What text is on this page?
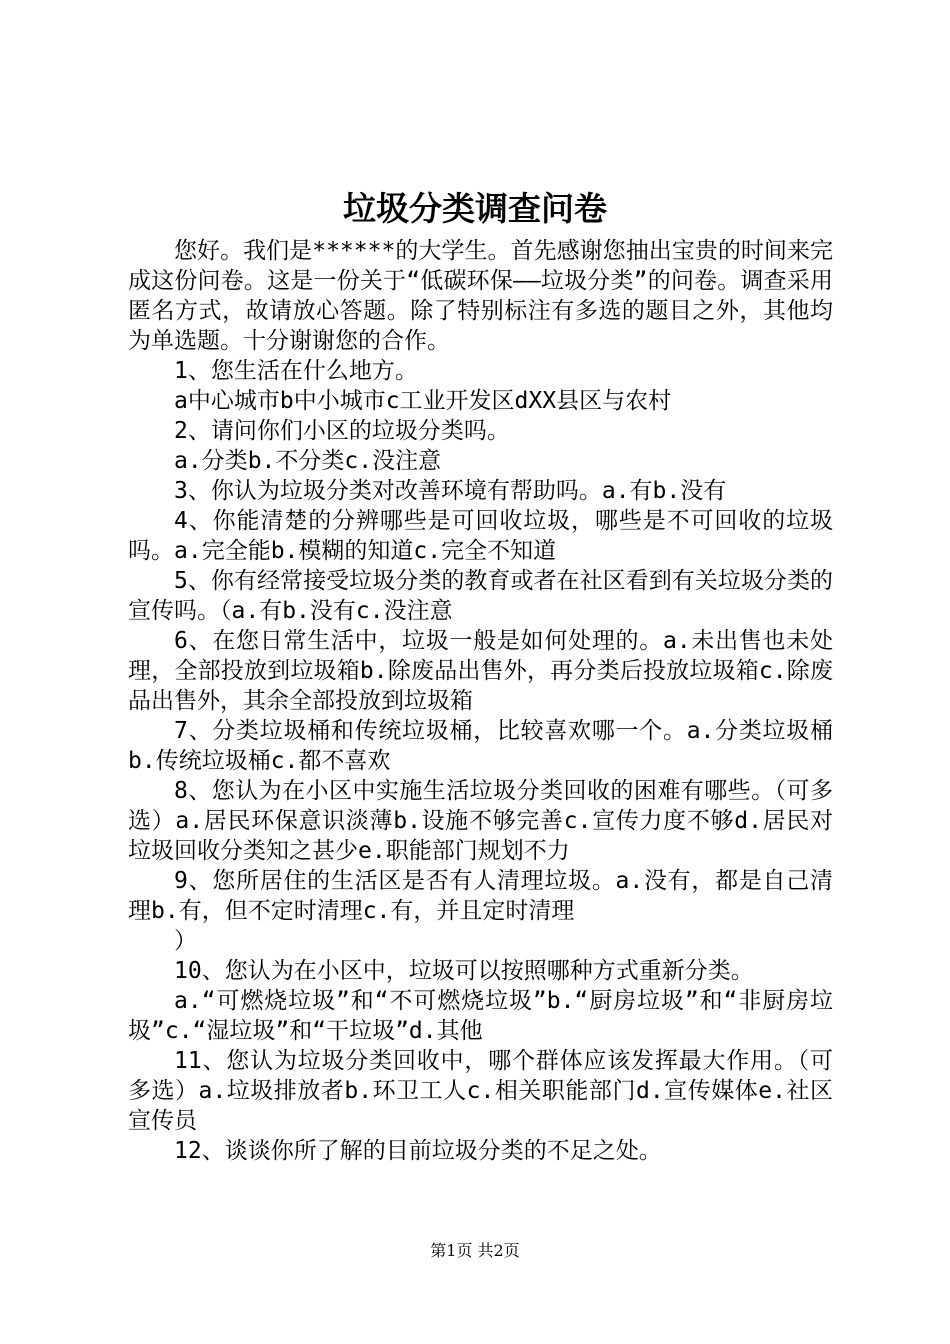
垃圾分类调查问卷

您好。我们是******的大学生。首先感谢您抽出宝贵的时间来完成这份问卷。这是一份关于“低碳环保——垃圾分类”的问卷。调查采用匿名方式，故请放心答题。除了特别标注有多选的题目之外，其他均为单选题。十分谢谢您的合作。

1、您生活在什么地方。

a中心城市b中小城市c工业开发区dXX县区与农村

2、请问你们小区的垃圾分类吗。

a.分类b.不分类c.没注意

3、你认为垃圾分类对改善环境有帮助吗。a.有b.没有

4、你能清楚的分辨哪些是可回收垃圾，哪些是不可回收的垃圾吗。a.完全能b.模糊的知道c.完全不知道

5、你有经常接受垃圾分类的教育或者在社区看到有关垃圾分类的宣传吗。（a.有b.没有c.没注意

6、在您日常生活中，垃圾一般是如何处理的。a.未出售也未处理，全部投放到垃圾箱b.除废品出售外，再分类后投放垃圾箱c.除废品出售外，其余全部投放到垃圾箱

7、分类垃圾桶和传统垃圾桶，比较喜欢哪一个。a.分类垃圾桶b.传统垃圾桶c.都不喜欢

8、您认为在小区中实施生活垃圾分类回收的困难有哪些。（可多选）a.居民环保意识淡薄b.设施不够完善c.宣传力度不够d.居民对垃圾回收分类知之甚少e.职能部门规划不力

9、您所居住的生活区是否有人清理垃圾。a.没有，都是自己清理b.有，但不定时清理c.有，并且定时清理

）

10、您认为在小区中，垃圾可以按照哪种方式重新分类。

a.“可燃烧垃圾”和“不可燃烧垃圾”b.“厨房垃圾”和“非厨房垃圾”c.“湿垃圾”和“干垃圾”d.其他

11、您认为垃圾分类回收中，哪个群体应该发挥最大作用。（可多选）a.垃圾排放者b.环卫工人c.相关职能部门d.宣传媒体e.社区宣传员

12、谈谈你所了解的目前垃圾分类的不足之处。

第1页 共2页
